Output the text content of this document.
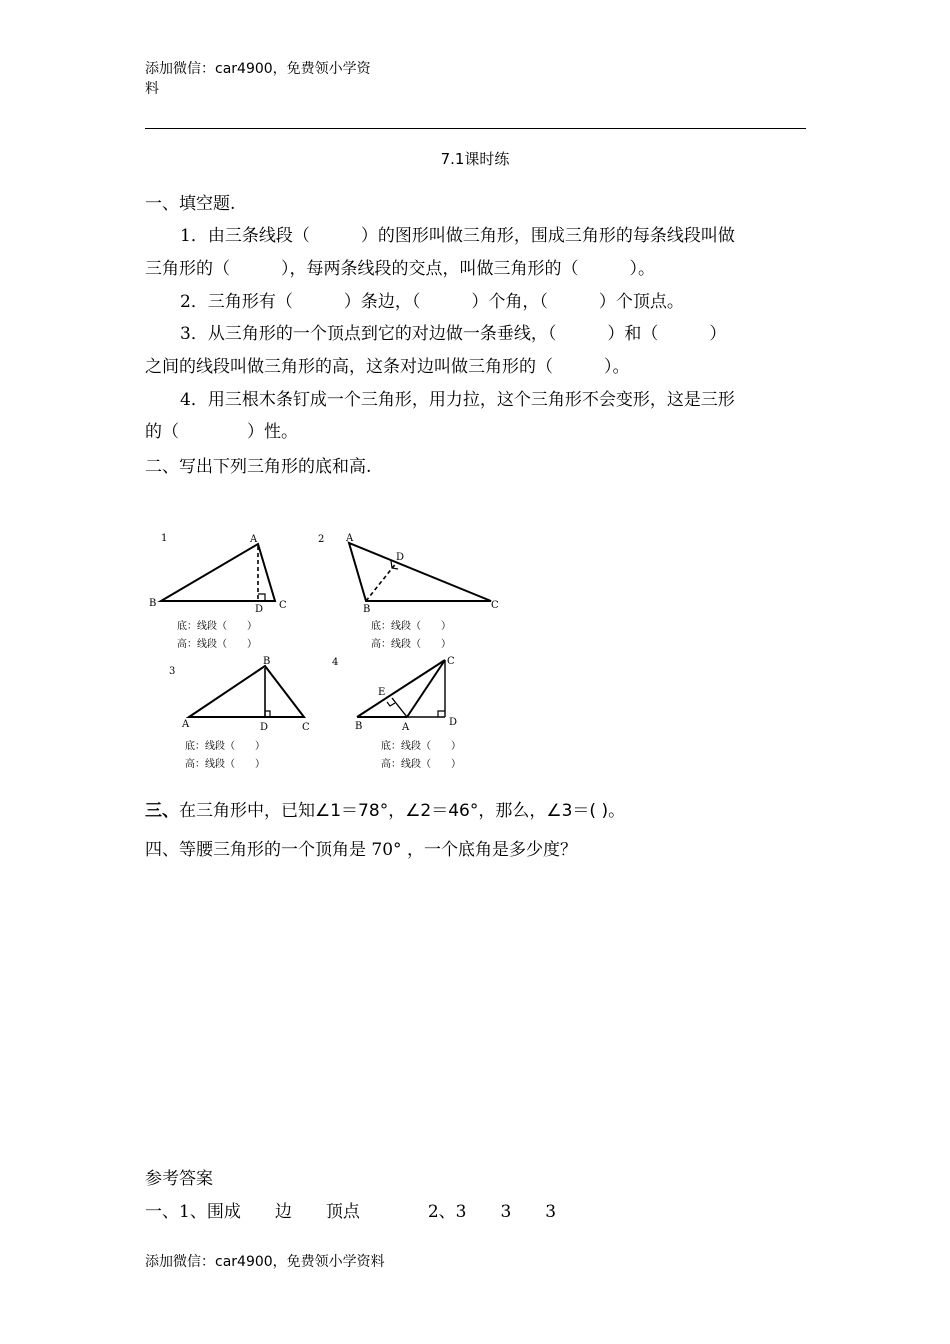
添加微信：car4900，免费领小学资
料
7.1课时练
一、填空题.
1．由三条线段（　　　）的图形叫做三角形，围成三角形的每条线段叫做
三角形的（　　　），每两条线段的交点，叫做三角形的（　　　）。
2．三角形有（　　　）条边，（　　　）个角，（　　　）个顶点。
3．从三角形的一个顶点到它的对边做一条垂线，（　　　）和（　　　）
之间的线段叫做三角形的高，这条对边叫做三角形的（　　　）。
4．用三根木条钉成一个三角形，用力拉，这个三角形不会变形，这是三形
的（　　　　）性。
二、写出下列三角形的底和高.
1	A
B	C
D
底：线段（　　）
高：线段（　　）
2 A
B	C
D
底：线段（　　）
高：线段（　　）
3
A
B
C
D
底：线段（　　）
高：线段（　　）
4
A
B
C
D
E
底：线段（　　）
高：线段（　　）
三、在三角形中，已知∠1＝78°，∠2＝46°，那么，∠3＝( )。
四、等腰三角形的一个顶角是 70° ，一个底角是多少度？
参考答案
一、1、围成　　边　　顶点　　　　2、3　　3　　3
添加微信：car4900，免费领小学资料
